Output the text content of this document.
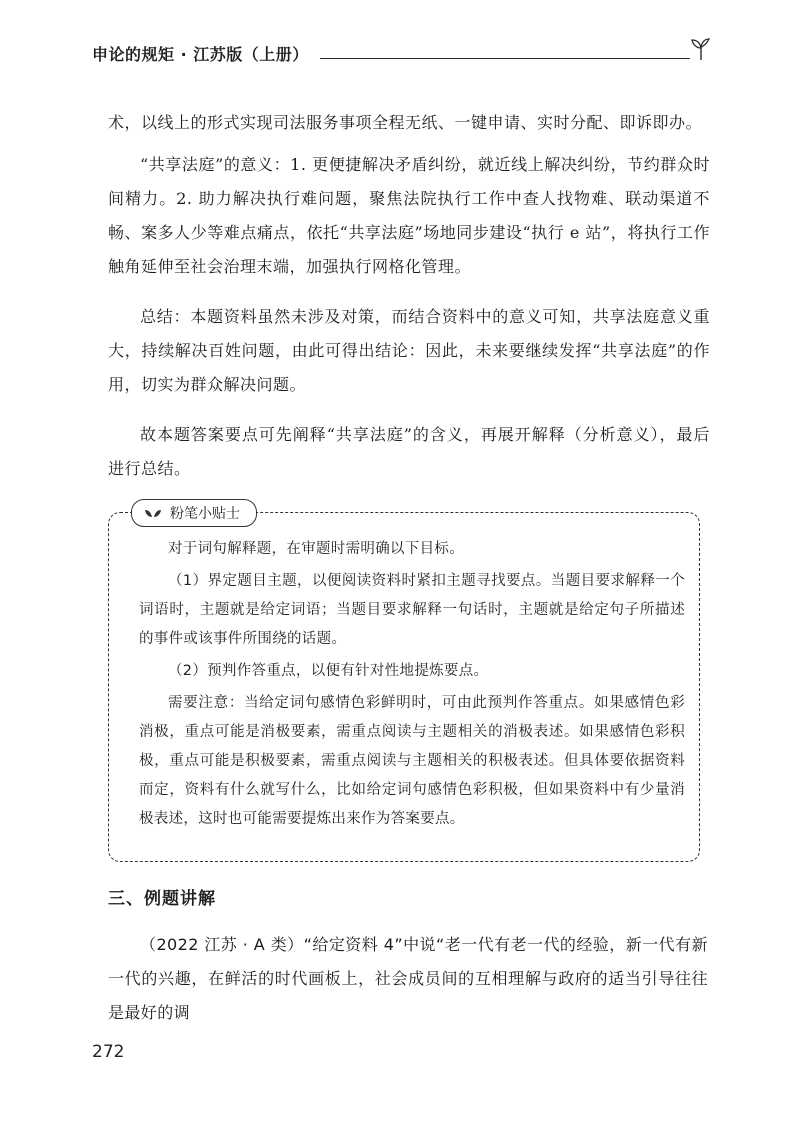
申论的规矩 · 江苏版（上册）

术，以线上的形式实现司法服务事项全程无纸、一键申请、实时分配、即诉即办。

“共享法庭”的意义：1. 更便捷解决矛盾纠纷，就近线上解决纠纷，节约群众时间精力。2. 助力解决执行难问题，聚焦法院执行工作中查人找物难、联动渠道不畅、案多人少等难点痛点，依托“共享法庭”场地同步建设“执行 e 站”，将执行工作触角延伸至社会治理末端，加强执行网格化管理。

总结：本题资料虽然未涉及对策，而结合资料中的意义可知，共享法庭意义重大，持续解决百姓问题，由此可得出结论：因此，未来要继续发挥“共享法庭”的作用，切实为群众解决问题。

故本题答案要点可先阐释“共享法庭”的含义，再展开解释（分析意义），最后进行总结。

粉笔小贴士

对于词句解释题，在审题时需明确以下目标。

（1）界定题目主题，以便阅读资料时紧扣主题寻找要点。当题目要求解释一个词语时，主题就是给定词语；当题目要求解释一句话时，主题就是给定句子所描述的事件或该事件所围绕的话题。

（2）预判作答重点，以便有针对性地提炼要点。

需要注意：当给定词句感情色彩鲜明时，可由此预判作答重点。如果感情色彩消极，重点可能是消极要素，需重点阅读与主题相关的消极表述。如果感情色彩积极，重点可能是积极要素，需重点阅读与主题相关的积极表述。但具体要依据资料而定，资料有什么就写什么，比如给定词句感情色彩积极，但如果资料中有少量消极表述，这时也可能需要提炼出来作为答案要点。

三、例题讲解

（2022 江苏 · A 类）“给定资料 4”中说“老一代有老一代的经验，新一代有新一代的兴趣，在鲜活的时代画板上，社会成员间的互相理解与政府的适当引导往往是最好的调

272
